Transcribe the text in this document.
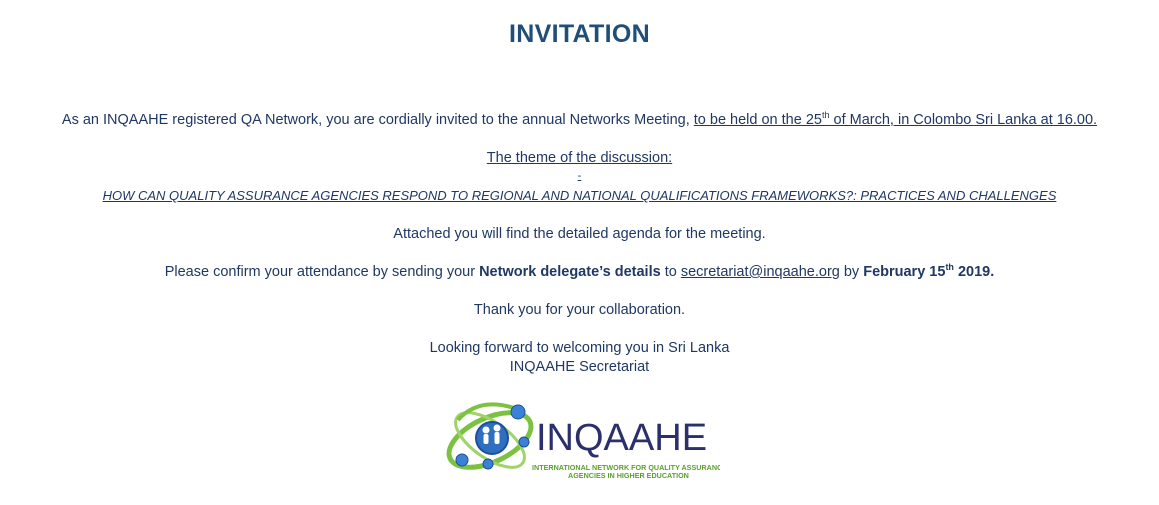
INVITATION
As an INQAAHE registered QA Network, you are cordially invited to the annual Networks Meeting, to be held on the 25th of March, in Colombo Sri Lanka at 16.00.
The theme of the discussion:
-
HOW CAN QUALITY ASSURANCE AGENCIES RESPOND TO REGIONAL AND NATIONAL QUALIFICATIONS FRAMEWORKS?: PRACTICES AND CHALLENGES
Attached you will find the detailed agenda for the meeting.
Please confirm your attendance by sending your Network delegate’s details to secretariat@inqaahe.org by February 15th 2019.
Thank you for your collaboration.
Looking forward to welcoming you in Sri Lanka
INQAAHE Secretariat
INQAAHE
INTERNATIONAL NETWORK FOR QUALITY ASSURANCE
AGENCIES IN HIGHER EDUCATION
